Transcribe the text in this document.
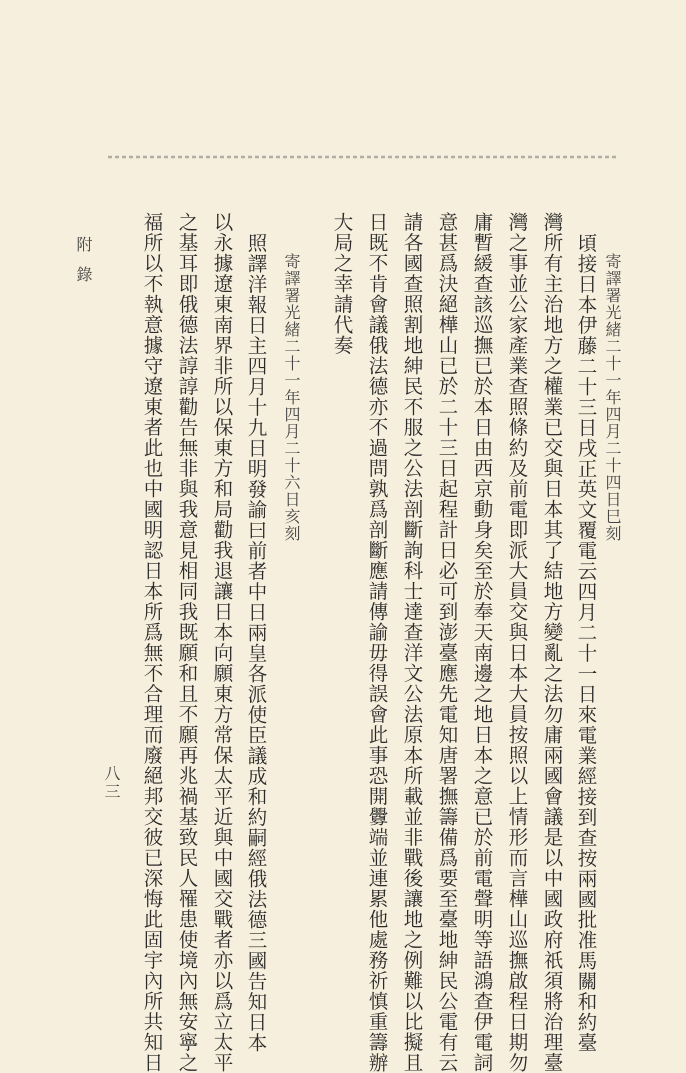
寄譯署光緒二十一年四月二十四日巳刻
頃接日本伊藤二十三日戌正英文覆電云四月二十一日來電業經接到查按兩國批准馬關和約臺
灣所有主治地方之權業已交與日本其了結地方變亂之法勿庸兩國會議是以中國政府祇須將治理臺
灣之事並公家產業查照條約及前電即派大員交與日本大員按照以上情形而言樺山巡撫啟程日期勿
庸暫緩查該巡撫已於本日由西京動身矣至於奉天南邊之地日本之意已於前電聲明等語鴻查伊電詞
意甚爲決絕樺山已於二十三日起程計日必可到澎臺應先電知唐署撫籌備爲要至臺地紳民公電有云
請各國查照割地紳民不服之公法剖斷詢科士達查洋文公法原本所載並非戰後讓地之例難以比擬且
日既不肯會議俄法德亦不過問孰爲剖斷應請傳諭毋得誤會此事恐開釁端並連累他處務祈慎重籌辦
大局之幸請代奏
寄譯署光緒二十一年四月二十六日亥刻
照譯洋報日主四月十九日明發諭曰前者中日兩皇各派使臣議成和約嗣經俄法德三國告知日本
以永據遼東南界非所以保東方和局勸我退讓日本向願東方常保太平近與中國交戰者亦以爲立太平
之基耳即俄德法諄諄勸告無非與我意見相同我既願和且不願再兆禍基致民人罹患使境內無安寧之
福所以不執意據守遼東者此也中國明認日本所爲無不合理而廢絕邦交彼已深悔此固宇內所共知日
八三
附錄
